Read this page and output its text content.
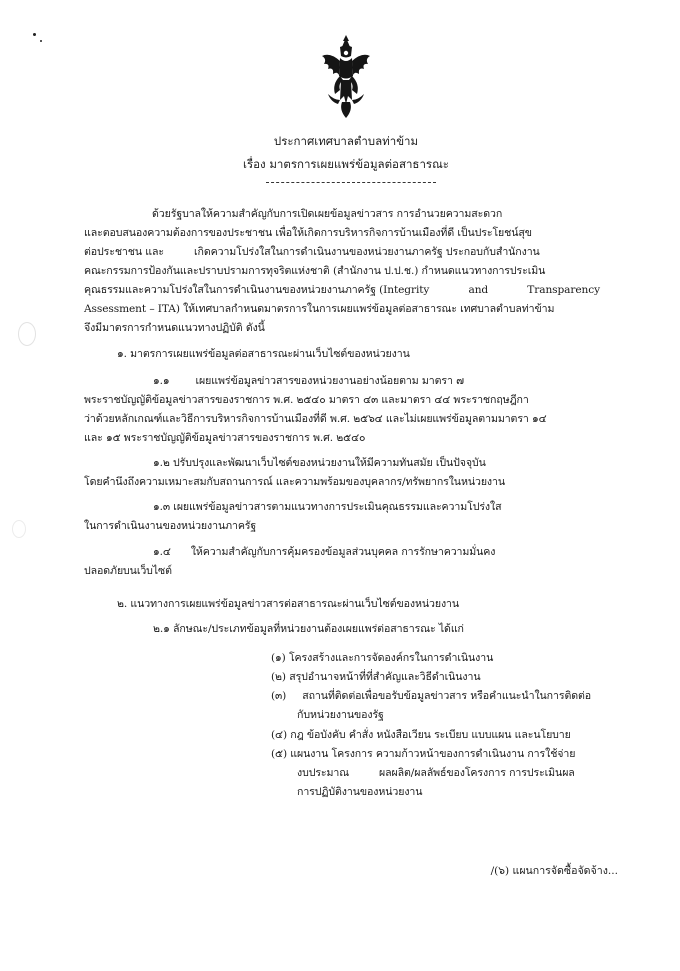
ประกาศเทศบาลตำบลท่าข้าม
เรื่อง มาตรการเผยแพร่ข้อมูลต่อสาธารณะ
ด้วยรัฐบาลให้ความสำคัญกับการเปิดเผยข้อมูลข่าวสาร การอำนวยความสะดวก
และตอบสนองความต้องการของประชาชน เพื่อให้เกิดการบริหารกิจการบ้านเมืองที่ดี เป็นประโยชน์สุข
ต่อประชาชน และ	เกิดความโปร่งใสในการดำเนินงานของหน่วยงานภาครัฐ ประกอบกับสำนักงาน
คณะกรรมการป้องกันและปราบปรามการทุจริตแห่งชาติ (สำนักงาน ป.ป.ช.) กำหนดแนวทางการประเมิน
คุณธรรมและความโปร่งใสในการดำเนินงานของหน่วยงานภาครัฐ (Integrity	and	Transparency
Assessment – ITA) ให้เทศบาลกำหนดมาตรการในการเผยแพร่ข้อมูลต่อสาธารณะ เทศบาลตำบลท่าข้าม
จึงมีมาตรการกำหนดแนวทางปฏิบัติ ดังนี้
๑. มาตรการเผยแพร่ข้อมูลต่อสาธารณะผ่านเว็บไซต์ของหน่วยงาน
๑.๑ เผยแพร่ข้อมูลข่าวสารของหน่วยงานอย่างน้อยตาม มาตรา ๗
พระราชบัญญัติข้อมูลข่าวสารของราชการ พ.ศ. ๒๕๔๐ มาตรา ๔๓ และมาตรา ๔๔ พระราชกฤษฎีกา
ว่าด้วยหลักเกณฑ์และวิธีการบริหารกิจการบ้านเมืองที่ดี พ.ศ. ๒๕๖๔ และไม่เผยแพร่ข้อมูลตามมาตรา ๑๔
และ ๑๕ พระราชบัญญัติข้อมูลข่าวสารของราชการ พ.ศ. ๒๕๔๐
๑.๒ ปรับปรุงและพัฒนาเว็บไซต์ของหน่วยงานให้มีความทันสมัย เป็นปัจจุบัน
โดยคำนึงถึงความเหมาะสมกับสถานการณ์ และความพร้อมของบุคลากร/ทรัพยากรในหน่วยงาน
๑.๓ เผยแพร่ข้อมูลข่าวสารตามแนวทางการประเมินคุณธรรมและความโปร่งใส
ในการดำเนินงานของหน่วยงานภาครัฐ
๑.๔ ให้ความสำคัญกับการคุ้มครองข้อมูลส่วนบุคคล การรักษาความมั่นคง
ปลอดภัยบนเว็บไซต์
๒. แนวทางการเผยแพร่ข้อมูลข่าวสารต่อสาธารณะผ่านเว็บไซต์ของหน่วยงาน
๒.๑ ลักษณะ/ประเภทข้อมูลที่หน่วยงานต้องเผยแพร่ต่อสาธารณะ ได้แก่
(๑) โครงสร้างและการจัดองค์กรในการดำเนินงาน
(๒) สรุปอำนาจหน้าที่ที่สำคัญและวิธีดำเนินงาน
(๓) สถานที่ติดต่อเพื่อขอรับข้อมูลข่าวสาร หรือคำแนะนำในการติดต่อ
กับหน่วยงานของรัฐ
(๔) กฎ ข้อบังคับ คำสั่ง หนังสือเวียน ระเบียบ แบบแผน และนโยบาย
(๕) แผนงาน โครงการ ความก้าวหน้าของการดำเนินงาน การใช้จ่าย
งบประมาณ	ผลผลิต/ผลลัพธ์ของโครงการ การประเมินผล
การปฏิบัติงานของหน่วยงาน
/(๖) แผนการจัดซื้อจัดจ้าง...
